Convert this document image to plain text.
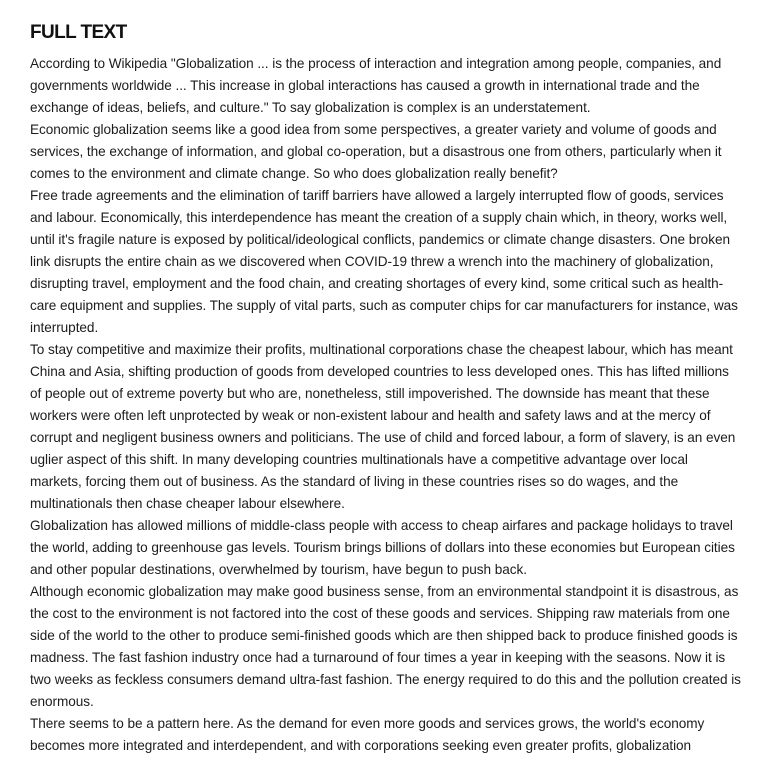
FULL TEXT

According to Wikipedia "Globalization ... is the process of interaction and integration among people, companies, and governments worldwide ... This increase in global interactions has caused a growth in international trade and the exchange of ideas, beliefs, and culture." To say globalization is complex is an understatement.

Economic globalization seems like a good idea from some perspectives, a greater variety and volume of goods and services, the exchange of information, and global co-operation, but a disastrous one from others, particularly when it comes to the environment and climate change. So who does globalization really benefit?

Free trade agreements and the elimination of tariff barriers have allowed a largely interrupted flow of goods, services and labour. Economically, this interdependence has meant the creation of a supply chain which, in theory, works well, until it's fragile nature is exposed by political/ideological conflicts, pandemics or climate change disasters. One broken link disrupts the entire chain as we discovered when COVID-19 threw a wrench into the machinery of globalization, disrupting travel, employment and the food chain, and creating shortages of every kind, some critical such as health-care equipment and supplies. The supply of vital parts, such as computer chips for car manufacturers for instance, was interrupted.

To stay competitive and maximize their profits, multinational corporations chase the cheapest labour, which has meant China and Asia, shifting production of goods from developed countries to less developed ones. This has lifted millions of people out of extreme poverty but who are, nonetheless, still impoverished. The downside has meant that these workers were often left unprotected by weak or non-existent labour and health and safety laws and at the mercy of corrupt and negligent business owners and politicians. The use of child and forced labour, a form of slavery, is an even uglier aspect of this shift. In many developing countries multinationals have a competitive advantage over local markets, forcing them out of business. As the standard of living in these countries rises so do wages, and the multinationals then chase cheaper labour elsewhere.

Globalization has allowed millions of middle-class people with access to cheap airfares and package holidays to travel the world, adding to greenhouse gas levels. Tourism brings billions of dollars into these economies but European cities and other popular destinations, overwhelmed by tourism, have begun to push back.

Although economic globalization may make good business sense, from an environmental standpoint it is disastrous, as the cost to the environment is not factored into the cost of these goods and services. Shipping raw materials from one side of the world to the other to produce semi-finished goods which are then shipped back to produce finished goods is madness. The fast fashion industry once had a turnaround of four times a year in keeping with the seasons. Now it is two weeks as feckless consumers demand ultra-fast fashion. The energy required to do this and the pollution created is enormous.

There seems to be a pattern here. As the demand for even more goods and services grows, the world's economy becomes more integrated and interdependent, and with corporations seeking even greater profits, globalization
